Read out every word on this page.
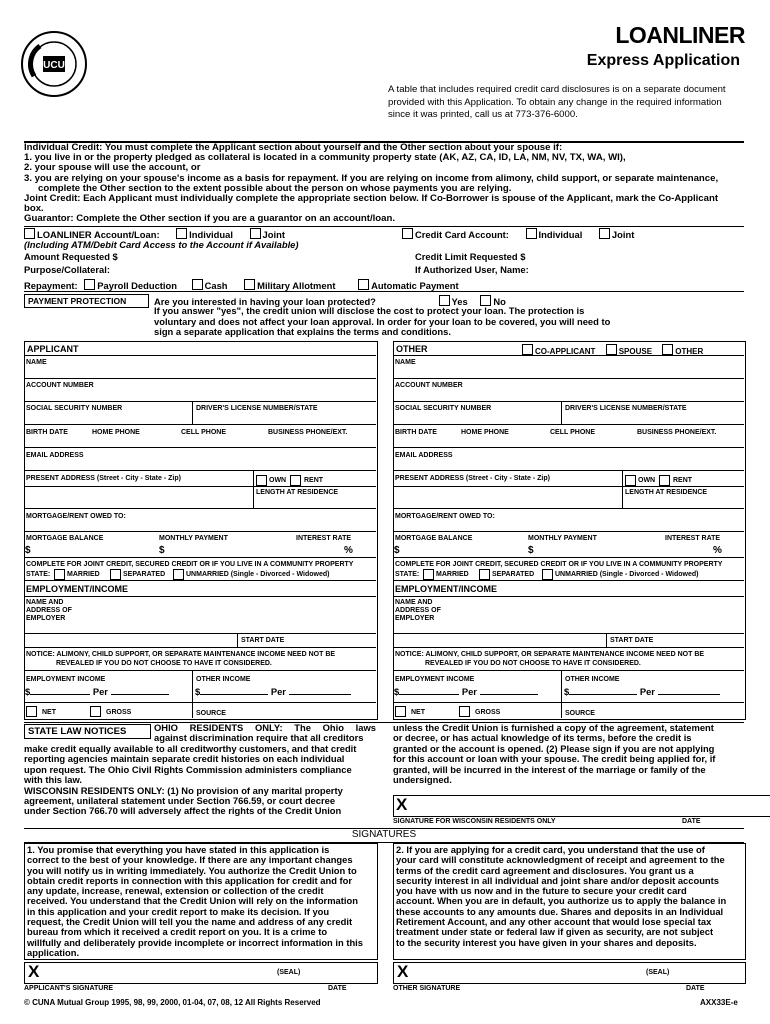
UCU
LOANLINER
Express Application
A table that includes required credit card disclosures is on a separate document provided with this Application. To obtain any change in the required information since it was printed, call us at 773-376-6000.
Individual Credit: You must complete the Applicant section about yourself and the Other section about your spouse if:
1. you live in or the property pledged as collateral is located in a community property state (AK, AZ, CA, ID, LA, NM, NV, TX, WA, WI),
2. your spouse will use the account, or
3. you are relying on your spouse's income as a basis for repayment. If you are relying on income from alimony, child support, or separate maintenance,
complete the Other section to the extent possible about the person on whose payments you are relying.
Joint Credit: Each Applicant must individually complete the appropriate section below. If Co-Borrower is spouse of the Applicant, mark the Co-Applicant
box.
Guarantor: Complete the Other section if you are a guarantor on an account/loan.
LOANLINER Account/Loan:	Individual	Joint
(Including ATM/Debit Card Access to the Account if Available)
Amount Requested $
Purpose/Collateral:
Repayment: Payroll Deduction	Cash	Military Allotment	Automatic Payment
Credit Card Account:	Individual	Joint
Credit Limit Requested $
If Authorized User, Name:
PAYMENT PROTECTION	Are you interested in having your loan protected?	Yes	No
If you answer "yes", the credit union will disclose the cost to protect your loan. The protection is
voluntary and does not affect your loan approval. In order for your loan to be covered, you will need to
sign a separate application that explains the terms and conditions.
APPLICANT	OTHER	CO-APPLICANT	SPOUSE	OTHER
NAME
ACCOUNT NUMBER
SOCIAL SECURITY NUMBER	DRIVER'S LICENSE NUMBER/STATE
BIRTH DATE	HOME PHONE	CELL PHONE	BUSINESS PHONE/EXT.
EMAIL ADDRESS
PRESENT ADDRESS (Street - City - State - Zip)	OWN	RENT
LENGTH AT RESIDENCE
MORTGAGE/RENT OWED TO:
MORTGAGE BALANCE	MONTHLY PAYMENT	INTEREST RATE
$	$	%
COMPLETE FOR JOINT CREDIT, SECURED CREDIT OR IF YOU LIVE IN A COMMUNITY PROPERTY
STATE: MARRIED	SEPARATED	UNMARRIED (Single - Divorced - Widowed)
EMPLOYMENT/INCOME
NAME AND ADDRESS OF EMPLOYER
START DATE
NOTICE: ALIMONY, CHILD SUPPORT, OR SEPARATE MAINTENANCE INCOME NEED NOT BE
REVEALED IF YOU DO NOT CHOOSE TO HAVE IT CONSIDERED.
EMPLOYMENT INCOME	OTHER INCOME
$	Per	$	Per
NET	GROSS	SOURCE
NAME
ACCOUNT NUMBER
SOCIAL SECURITY NUMBER	DRIVER'S LICENSE NUMBER/STATE
BIRTH DATE	HOME PHONE	CELL PHONE	BUSINESS PHONE/EXT.
EMAIL ADDRESS
PRESENT ADDRESS (Street - City - State - Zip)	OWN	RENT
LENGTH AT RESIDENCE
MORTGAGE/RENT OWED TO:
MORTGAGE BALANCE	MONTHLY PAYMENT	INTEREST RATE
$	$	%
COMPLETE FOR JOINT CREDIT, SECURED CREDIT OR IF YOU LIVE IN A COMMUNITY PROPERTY
STATE: MARRIED	SEPARATED	UNMARRIED (Single - Divorced - Widowed)
EMPLOYMENT/INCOME
NAME AND ADDRESS OF EMPLOYER
START DATE
NOTICE: ALIMONY, CHILD SUPPORT, OR SEPARATE MAINTENANCE INCOME NEED NOT BE
REVEALED IF YOU DO NOT CHOOSE TO HAVE IT CONSIDERED.
EMPLOYMENT INCOME	OTHER INCOME
$	Per	$	Per
NET	GROSS	SOURCE
STATE LAW NOTICES	OHIO RESIDENTS ONLY: The Ohio laws
against discrimination require that all creditors
make credit equally available to all creditworthy customers, and that credit
reporting agencies maintain separate credit histories on each individual
upon request. The Ohio Civil Rights Commission administers compliance
with this law.
WISCONSIN RESIDENTS ONLY: (1) No provision of any marital property
agreement, unilateral statement under Section 766.59, or court decree
under Section 766.70 will adversely affect the rights of the Credit Union
unless the Credit Union is furnished a copy of the agreement, statement
or decree, or has actual knowledge of its terms, before the credit is
granted or the account is opened. (2) Please sign if you are not applying
for this account or loan with your spouse. The credit being applied for, if
granted, will be incurred in the interest of the marriage or family of the
undersigned.
X
SIGNATURE FOR WISCONSIN RESIDENTS ONLY	DATE
SIGNATURES
1. You promise that everything you have stated in this application is
correct to the best of your knowledge. If there are any important changes
you will notify us in writing immediately. You authorize the Credit Union to
obtain credit reports in connection with this application for credit and for
any update, increase, renewal, extension or collection of the credit
received. You understand that the Credit Union will rely on the information
in this application and your credit report to make its decision. If you
request, the Credit Union will tell you the name and address of any credit
bureau from which it received a credit report on you. It is a crime to
willfully and deliberately provide incomplete or incorrect information in this
application.
2. If you are applying for a credit card, you understand that the use of
your card will constitute acknowledgment of receipt and agreement to the
terms of the credit card agreement and disclosures. You grant us a
security interest in all individual and joint share and/or deposit accounts
you have with us now and in the future to secure your credit card
account. When you are in default, you authorize us to apply the balance in
these accounts to any amounts due. Shares and deposits in an Individual
Retirement Account, and any other account that would lose special tax
treatment under state or federal law if given as security, are not subject
to the security interest you have given in your shares and deposits.
X	(SEAL)
APPLICANT'S SIGNATURE	DATE
X	(SEAL)
OTHER SIGNATURE	DATE
© CUNA Mutual Group 1995, 98, 99, 2000, 01-04, 07, 08, 12 All Rights Reserved	AXX33E-e
